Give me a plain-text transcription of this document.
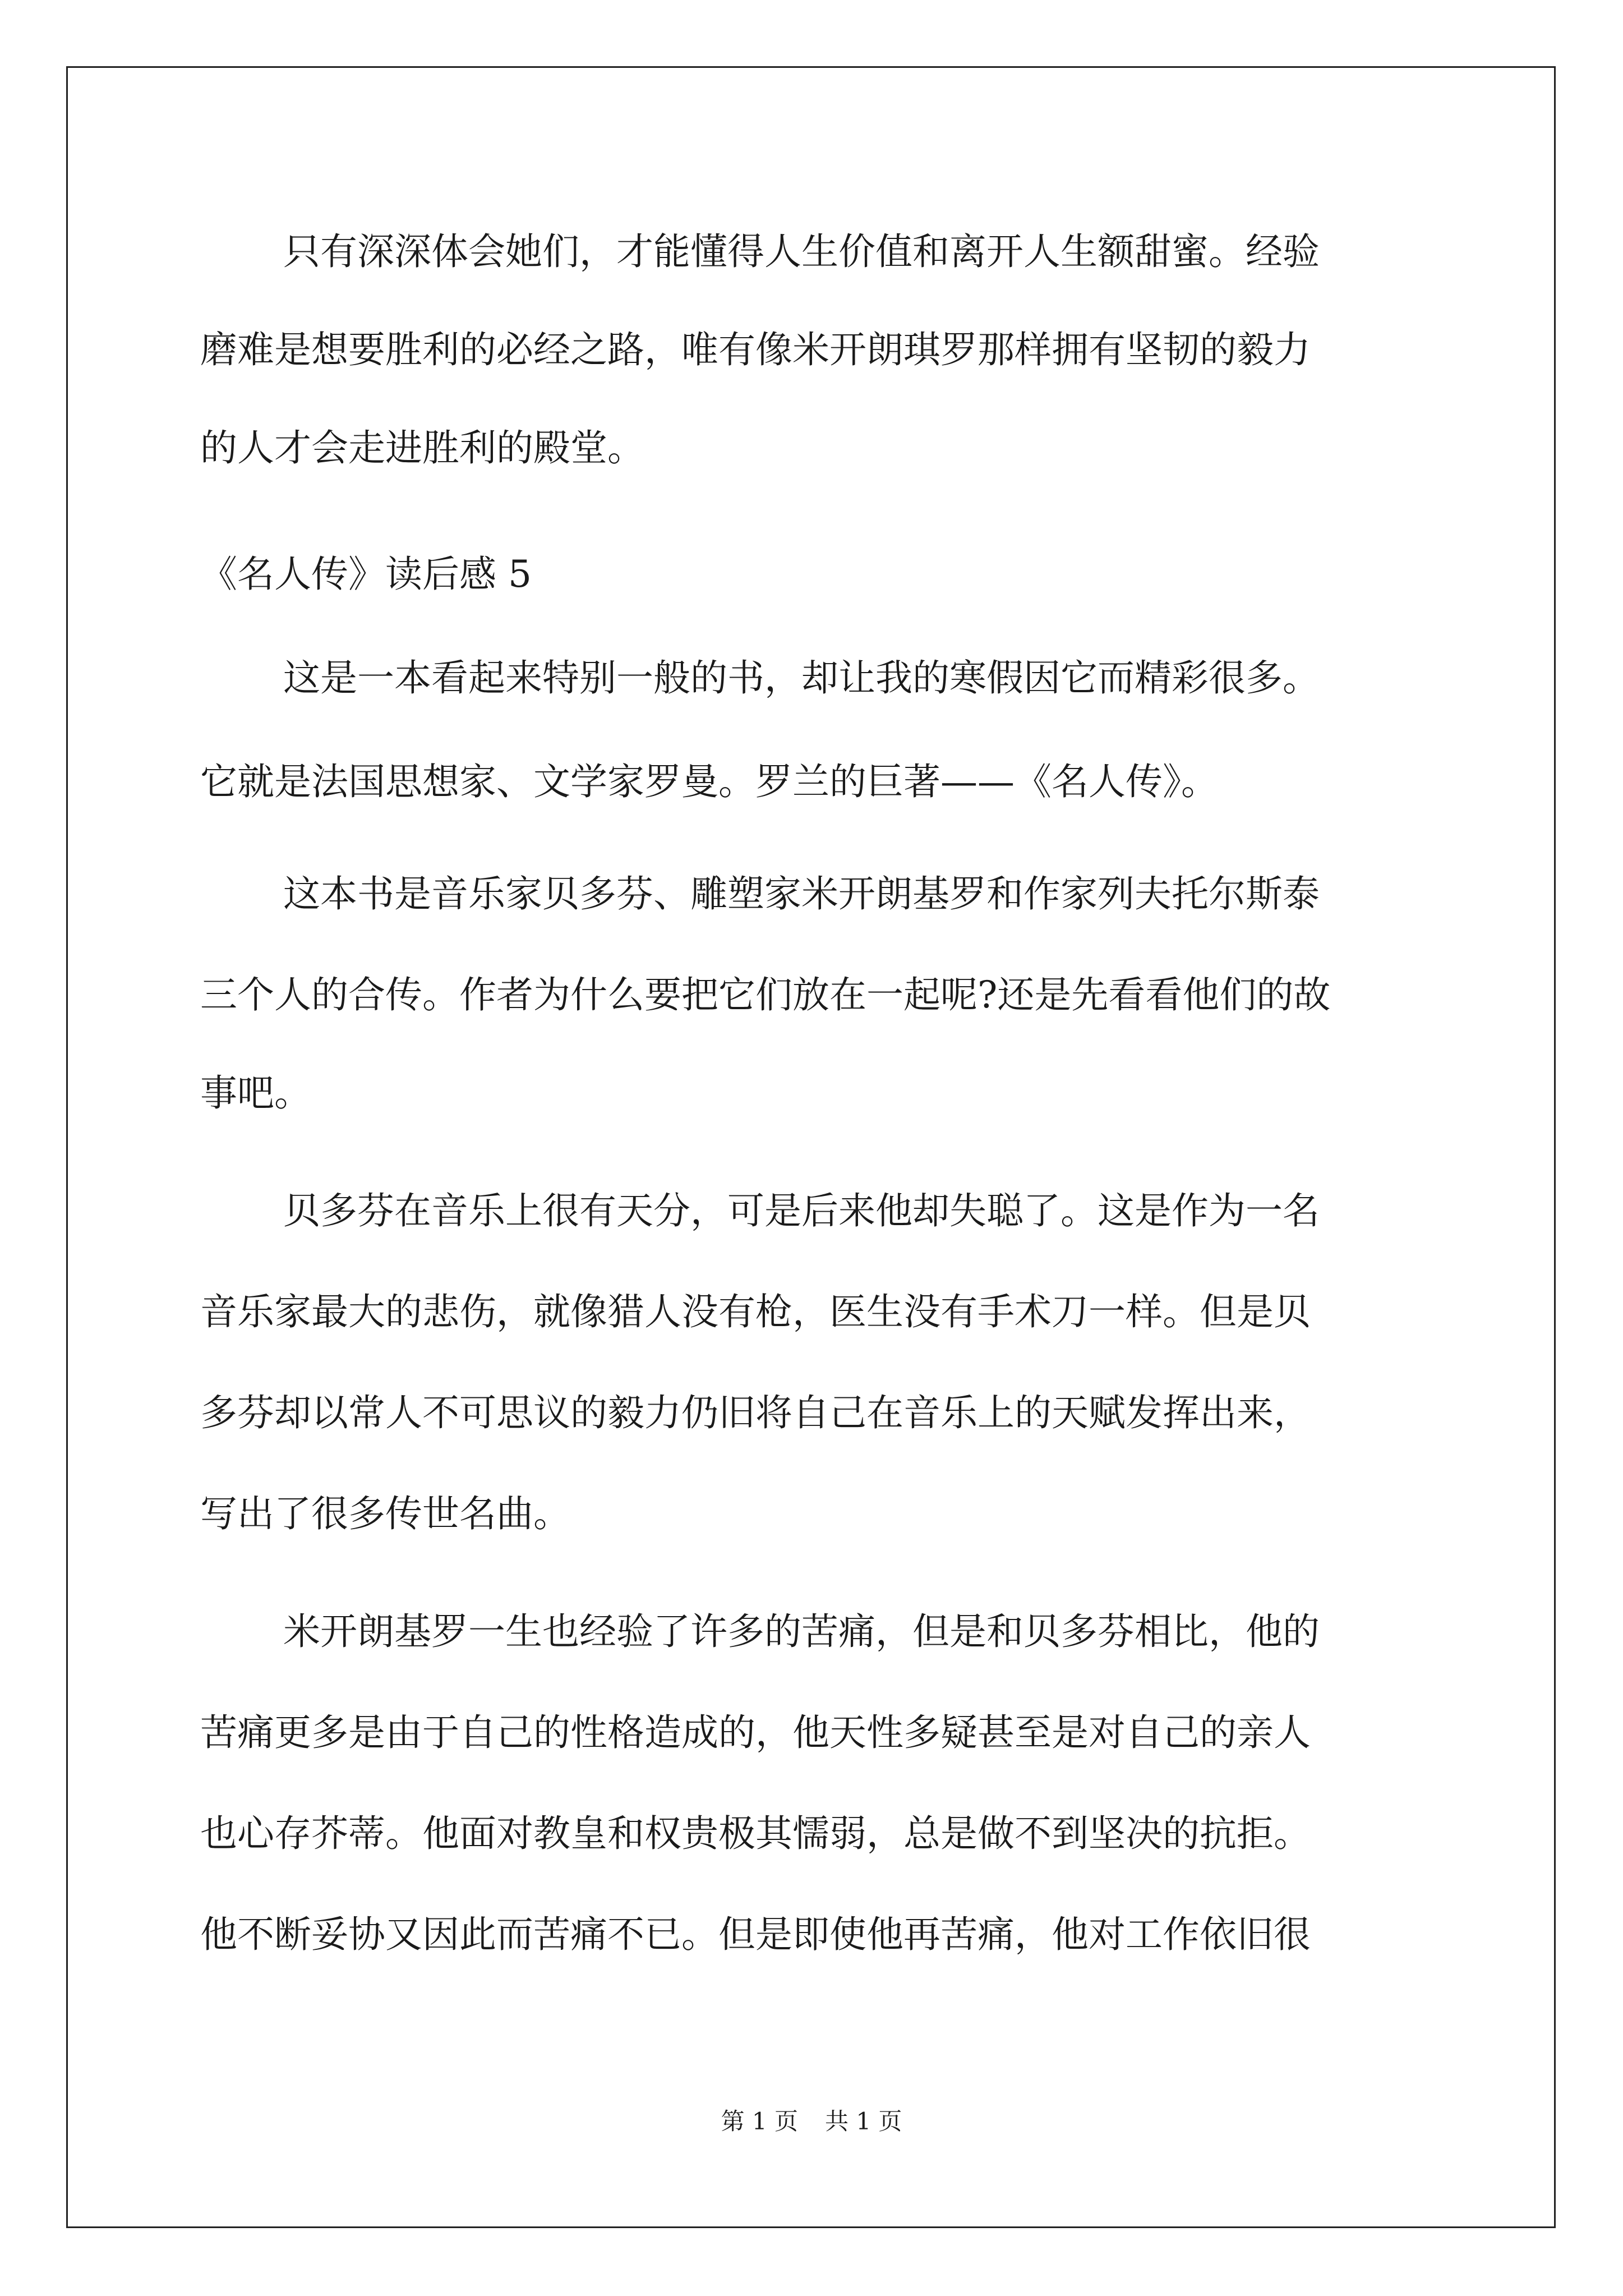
只有深深体会她们，才能懂得人生价值和离开人生额甜蜜。经验
磨难是想要胜利的必经之路，唯有像米开朗琪罗那样拥有坚韧的毅力
的人才会走进胜利的殿堂。
《名人传》读后感 5
这是一本看起来特别一般的书，却让我的寒假因它而精彩很多。
它就是法国思想家、文学家罗曼。罗兰的巨著——《名人传》。
这本书是音乐家贝多芬、雕塑家米开朗基罗和作家列夫托尔斯泰
三个人的合传。作者为什么要把它们放在一起呢?还是先看看他们的故
事吧。
贝多芬在音乐上很有天分，可是后来他却失聪了。这是作为一名
音乐家最大的悲伤，就像猎人没有枪，医生没有手术刀一样。但是贝
多芬却以常人不可思议的毅力仍旧将自己在音乐上的天赋发挥出来，
写出了很多传世名曲。
米开朗基罗一生也经验了许多的苦痛，但是和贝多芬相比，他的
苦痛更多是由于自己的性格造成的，他天性多疑甚至是对自己的亲人
也心存芥蒂。他面对教皇和权贵极其懦弱，总是做不到坚决的抗拒。
他不断妥协又因此而苦痛不已。但是即使他再苦痛，他对工作依旧很
第 1 页 共 1 页
